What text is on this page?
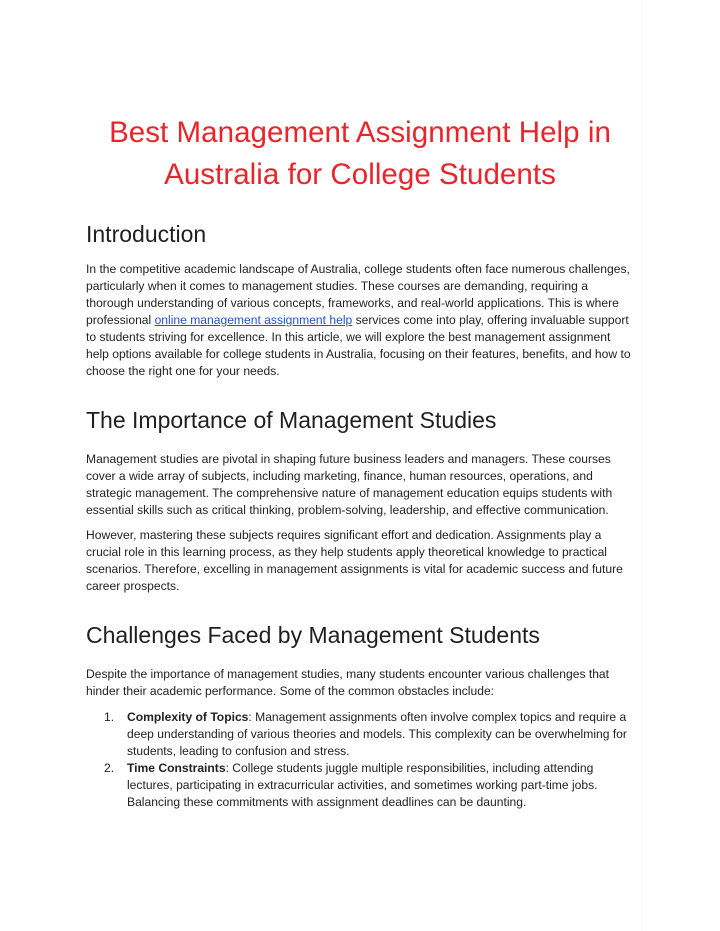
Best Management Assignment Help in Australia for College Students
Introduction

In the competitive academic landscape of Australia, college students often face numerous challenges, particularly when it comes to management studies. These courses are demanding, requiring a thorough understanding of various concepts, frameworks, and real-world applications. This is where professional online management assignment help services come into play, offering invaluable support to students striving for excellence. In this article, we will explore the best management assignment help options available for college students in Australia, focusing on their features, benefits, and how to choose the right one for your needs.

The Importance of Management Studies

Management studies are pivotal in shaping future business leaders and managers. These courses cover a wide array of subjects, including marketing, finance, human resources, operations, and strategic management. The comprehensive nature of management education equips students with essential skills such as critical thinking, problem-solving, leadership, and effective communication.

However, mastering these subjects requires significant effort and dedication. Assignments play a crucial role in this learning process, as they help students apply theoretical knowledge to practical scenarios. Therefore, excelling in management assignments is vital for academic success and future career prospects.

Challenges Faced by Management Students

Despite the importance of management studies, many students encounter various challenges that hinder their academic performance. Some of the common obstacles include:

1. Complexity of Topics: Management assignments often involve complex topics and require a deep understanding of various theories and models. This complexity can be overwhelming for students, leading to confusion and stress.
2. Time Constraints: College students juggle multiple responsibilities, including attending lectures, participating in extracurricular activities, and sometimes working part-time jobs. Balancing these commitments with assignment deadlines can be daunting.
